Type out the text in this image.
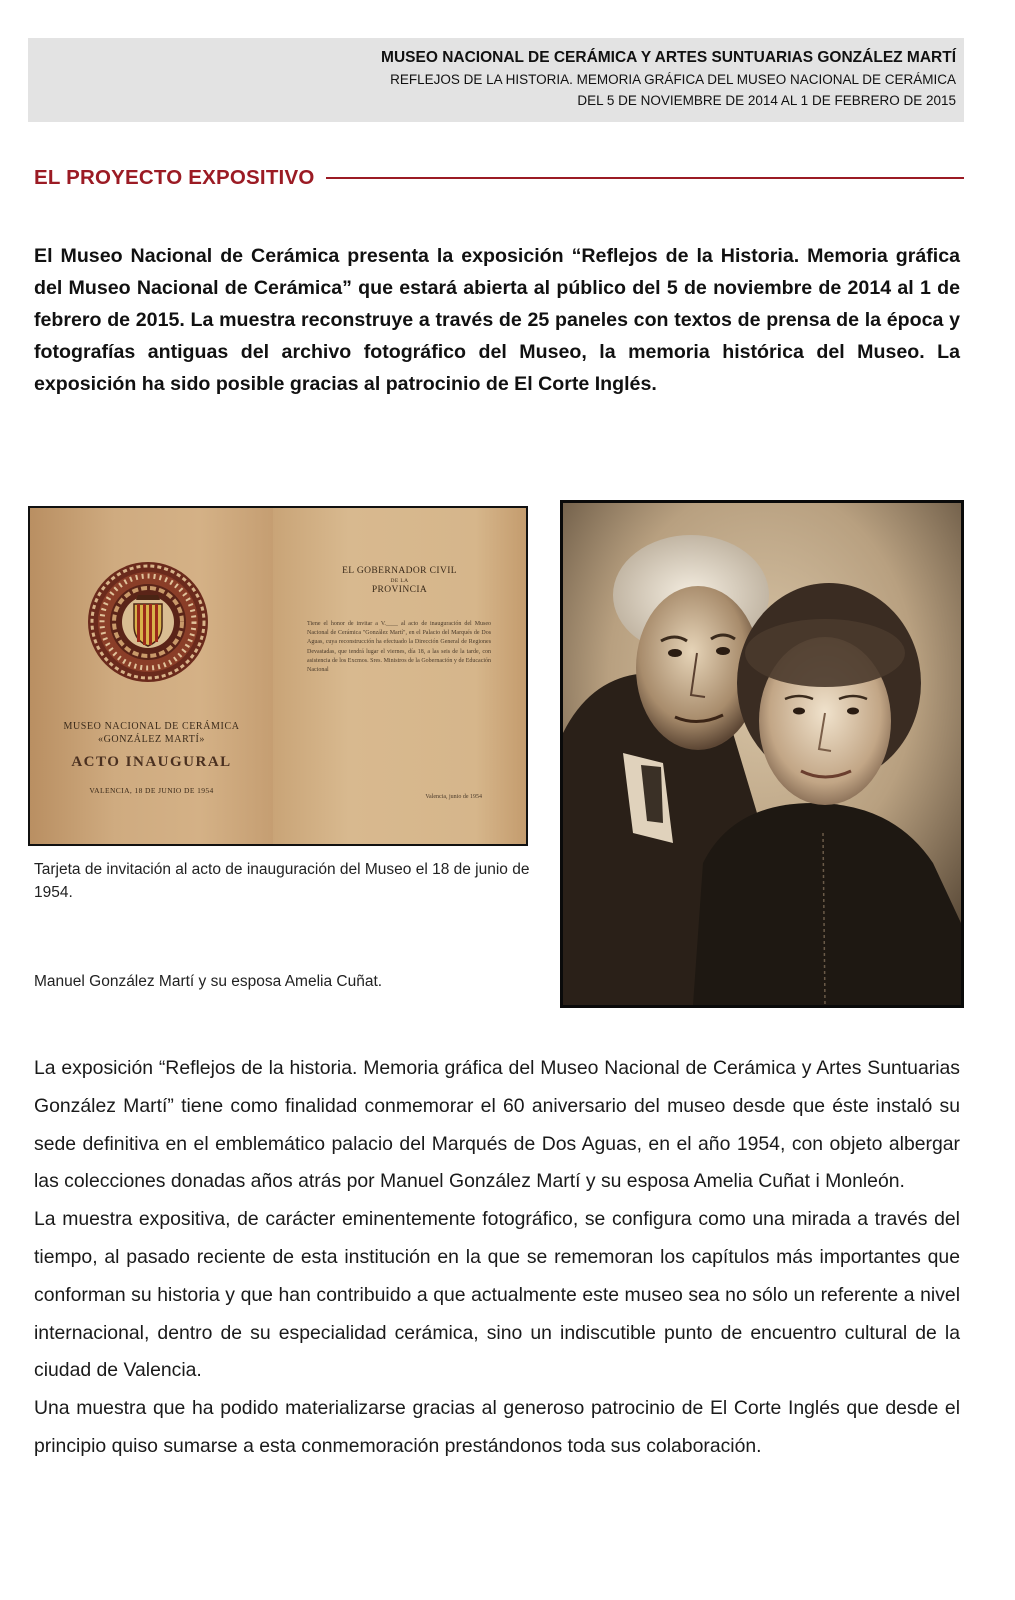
MUSEO NACIONAL DE CERÁMICA Y ARTES SUNTUARIAS GONZÁLEZ MARTÍ
REFLEJOS DE LA HISTORIA. MEMORIA GRÁFICA DEL MUSEO NACIONAL DE CERÁMICA
DEL 5 DE NOVIEMBRE DE 2014 AL 1 DE FEBRERO DE 2015
EL PROYECTO EXPOSITIVO
El Museo Nacional de Cerámica presenta la exposición “Reflejos de la Historia. Memoria gráfica del Museo Nacional de Cerámica” que estará abierta al público del 5 de noviembre de 2014 al 1 de febrero de 2015. La muestra reconstruye a través de 25 paneles con textos de prensa de la época y fotografías antiguas del archivo fotográfico del Museo, la memoria histórica del Museo. La exposición ha sido posible gracias al patrocinio de El Corte Inglés.
MUSEO NACIONAL DE CERÁMICA
«GONZÁLEZ MARTÍ»
ACTO INAUGURAL
VALENCIA, 18 DE JUNIO DE 1954
EL GOBERNADOR CIVIL
DE LA
PROVINCIA
Tiene el honor de invitar a V.____ al acto de inauguración del Museo Nacional de Cerámica "González Martí", en el Palacio del Marqués de Dos Aguas, cuya reconstrucción ha efectuado la Dirección General de Regiones Devastadas, que tendrá lugar el viernes, día 18, a las seis de la tarde, con asistencia de los Excmos. Sres. Ministros de la Gobernación y de Educación Nacional
Valencia, junio de 1954
Tarjeta de invitación al acto de inauguración del Museo el 18 de junio de 1954.
Manuel González Martí y su esposa Amelia Cuñat.

La exposición “Reflejos de la historia. Memoria gráfica del Museo Nacional de Cerámica y Artes Suntuarias González Martí” tiene como finalidad conmemorar el 60 aniversario del museo desde que éste instaló su sede definitiva en el emblemático palacio del Marqués de Dos Aguas, en el año 1954, con objeto albergar las colecciones donadas años atrás por Manuel González Martí y su esposa Amelia Cuñat i Monleón.

La muestra expositiva, de carácter eminentemente fotográfico, se configura como una mirada a través del tiempo, al pasado reciente de esta institución en la que se rememoran los capítulos más importantes que conforman su historia y que han contribuido a que actualmente este museo sea no sólo un referente a nivel internacional, dentro de su especialidad cerámica, sino un indiscutible punto de encuentro cultural de la ciudad de Valencia.

Una muestra que ha podido materializarse gracias al generoso patrocinio de El Corte Inglés que desde el principio quiso sumarse a esta conmemoración prestándonos toda sus colaboración.
